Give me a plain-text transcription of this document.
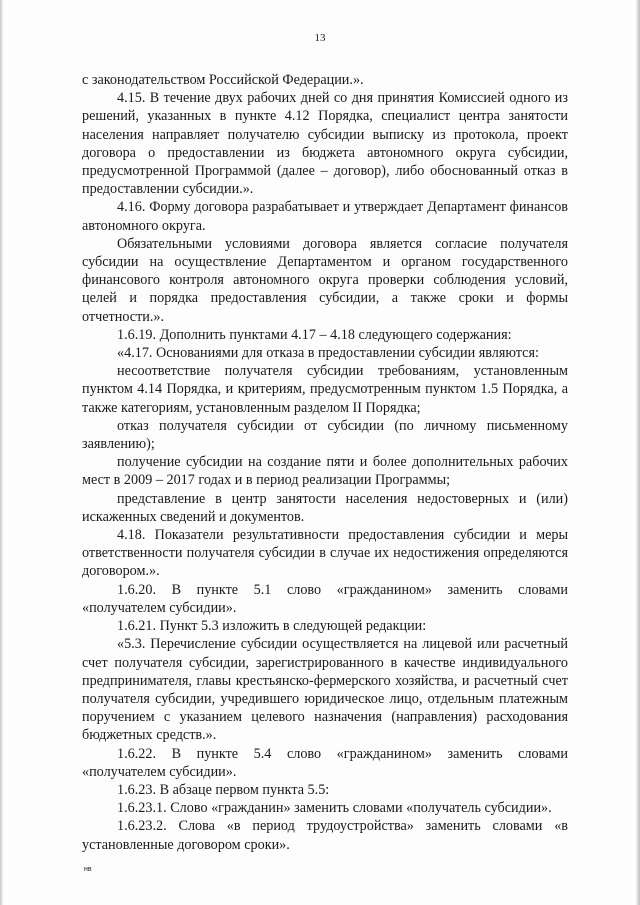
13

с законодательством Российской Федерации.».

4.15. В течение двух рабочих дней со дня принятия Комиссией одного из решений, указанных в пункте 4.12 Порядка, специалист центра занятости населения направляет получателю субсидии выписку из протокола, проект договора о предоставлении из бюджета автономного округа субсидии, предусмотренной Программой (далее – договор), либо обоснованный отказ в предоставлении субсидии.».

4.16. Форму договора разрабатывает и утверждает Департамент финансов автономного округа.

Обязательными условиями договора является согласие получателя субсидии на осуществление Департаментом и органом государственного финансового контроля автономного округа проверки соблюдения условий, целей и порядка предоставления субсидии, а также сроки и формы отчетности.».

1.6.19. Дополнить пунктами 4.17 – 4.18 следующего содержания:

«4.17. Основаниями для отказа в предоставлении субсидии являются:

несоответствие получателя субсидии требованиям, установленным пунктом 4.14 Порядка, и критериям, предусмотренным пунктом 1.5 Порядка, а также категориям, установленным разделом II Порядка;

отказ получателя субсидии от субсидии (по личному письменному заявлению);

получение субсидии на создание пяти и более дополнительных рабочих мест в 2009 – 2017 годах и в период реализации Программы;

представление в центр занятости населения недостоверных и (или) искаженных сведений и документов.

4.18. Показатели результативности предоставления субсидии и меры ответственности получателя субсидии в случае их недостижения определяются договором.».

1.6.20. В пункте 5.1 слово «гражданином» заменить словами «получателем субсидии».

1.6.21. Пункт 5.3 изложить в следующей редакции:

«5.3. Перечисление субсидии осуществляется на лицевой или расчетный счет получателя субсидии, зарегистрированного в качестве индивидуального предпринимателя, главы крестьянско-фермерского хозяйства, и расчетный счет получателя субсидии, учредившего юридическое лицо, отдельным платежным поручением с указанием целевого назначения (направления) расходования бюджетных средств.».

1.6.22. В пункте 5.4 слово «гражданином» заменить словами «получателем субсидии».

1.6.23. В абзаце первом пункта 5.5:

1.6.23.1. Слово «гражданин» заменить словами «получатель субсидии».

1.6.23.2. Слова «в период трудоустройства» заменить словами «в установленные договором сроки».

нв
